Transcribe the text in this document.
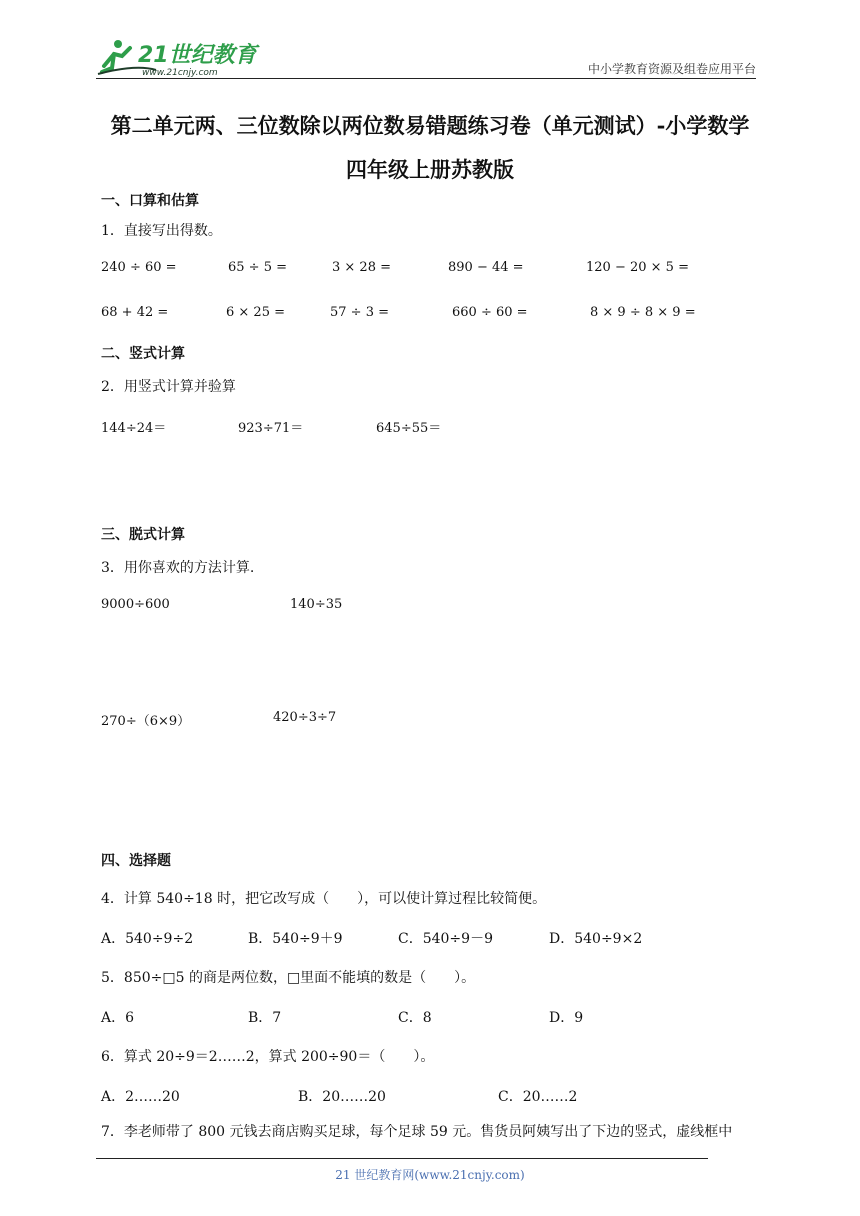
21世纪教育
www.21cnjy.com	中小学教育资源及组卷应用平台
第二单元两、三位数除以两位数易错题练习卷（单元测试）-小学数学
四年级上册苏教版
一、口算和估算
1．直接写出得数。
240 ÷ 60 =	65 ÷ 5 =	3 × 28 =	890 − 44 =	120 − 20 × 5 =
68 + 42 =	6 × 25 =	57 ÷ 3 =	660 ÷ 60 =	8 × 9 ÷ 8 × 9 =
二、竖式计算
2．用竖式计算并验算
144÷24＝	923÷71＝	645÷55＝
三、脱式计算
3．用你喜欢的方法计算.
9000÷600	140÷35
270÷（6×9）	420÷3÷7
四、选择题
4．计算 540÷18 时，把它改写成（　　），可以使计算过程比较简便。
A．540÷9÷2	B．540÷9＋9	C．540÷9－9	D．540÷9×2
5．850÷□5 的商是两位数，□里面不能填的数是（　　）。
A．6	B．7	C．8	D．9
6．算式 20÷9＝2……2，算式 200÷90＝（　　）。
A．2……20	B．20……20	C．20……2
7．李老师带了 800 元钱去商店购买足球，每个足球 59 元。售货员阿姨写出了下边的竖式，虚线框中
21 世纪教育网(www.21cnjy.com)
